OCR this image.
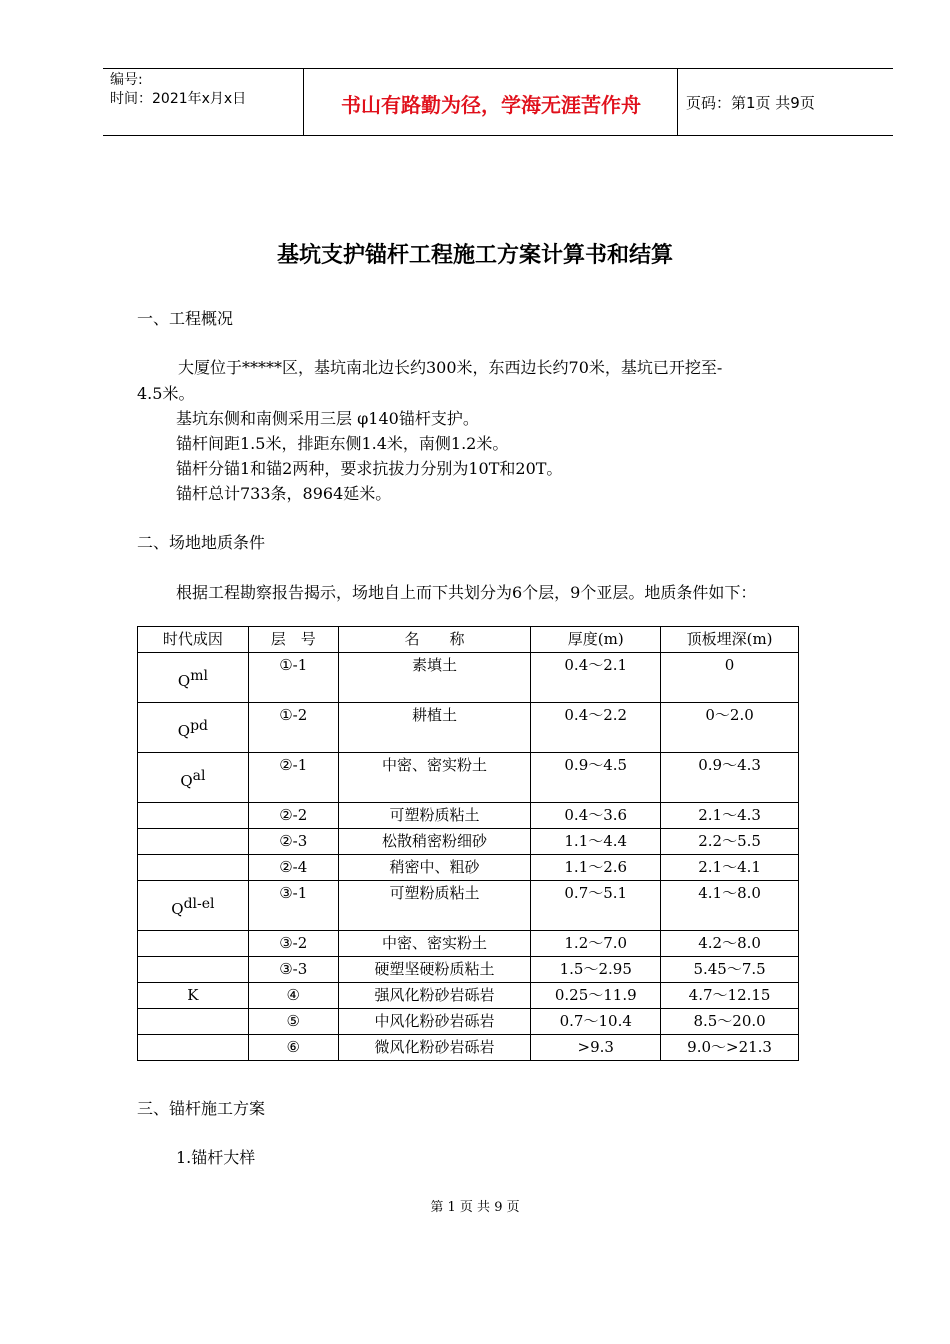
编号:
时间：2021年x月x日	书山有路勤为径，学海无涯苦作舟	页码：第1页 共9页
基坑支护锚杆工程施工方案计算书和结算
一、工程概况
大厦位于*****区，基坑南北边长约300米，东西边长约70米，基坑已开挖至-
4.5米。
基坑东侧和南侧采用三层 φ140锚杆支护。
锚杆间距1.5米，排距东侧1.4米，南侧1.2米。
锚杆分锚1和锚2两种，要求抗拔力分别为10T和20T。
锚杆总计733条，8964延米。
二、场地地质条件
根据工程勘察报告揭示，场地自上而下共划分为6个层，9个亚层。地质条件如下：
时代成因	层　号	名　　称	厚度(m)	顶板埋深(m)

$Q^{ml}$	①-1	素填土	0.4～2.1	0

$Q^{pd}$	①-2	耕植土	0.4～2.2	0～2.0

$Q^{al}$	②-1	中密、密实粉土	0.9～4.5	0.9～4.3
	②-2	可塑粉质粘土	0.4～3.6	2.1～4.3
	②-3	松散稍密粉细砂	1.1～4.4	2.2～5.5
	②-4	稍密中、粗砂	1.1～2.6	2.1～4.1

$Q^{dl-el}$	③-1	可塑粉质粘土	0.7～5.1	4.1～8.0
	③-2	中密、密实粉土	1.2～7.0	4.2～8.0
	③-3	硬塑坚硬粉质粘土	1.5～2.95	5.45～7.5
K	④	强风化粉砂岩砾岩	0.25～11.9	4.7～12.15
	⑤	中风化粉砂岩砾岩	0.7～10.4	8.5～20.0
	⑥	微风化粉砂岩砾岩	>9.3	9.0～>21.3
三、锚杆施工方案
1.锚杆大样
第 1 页 共 9 页
